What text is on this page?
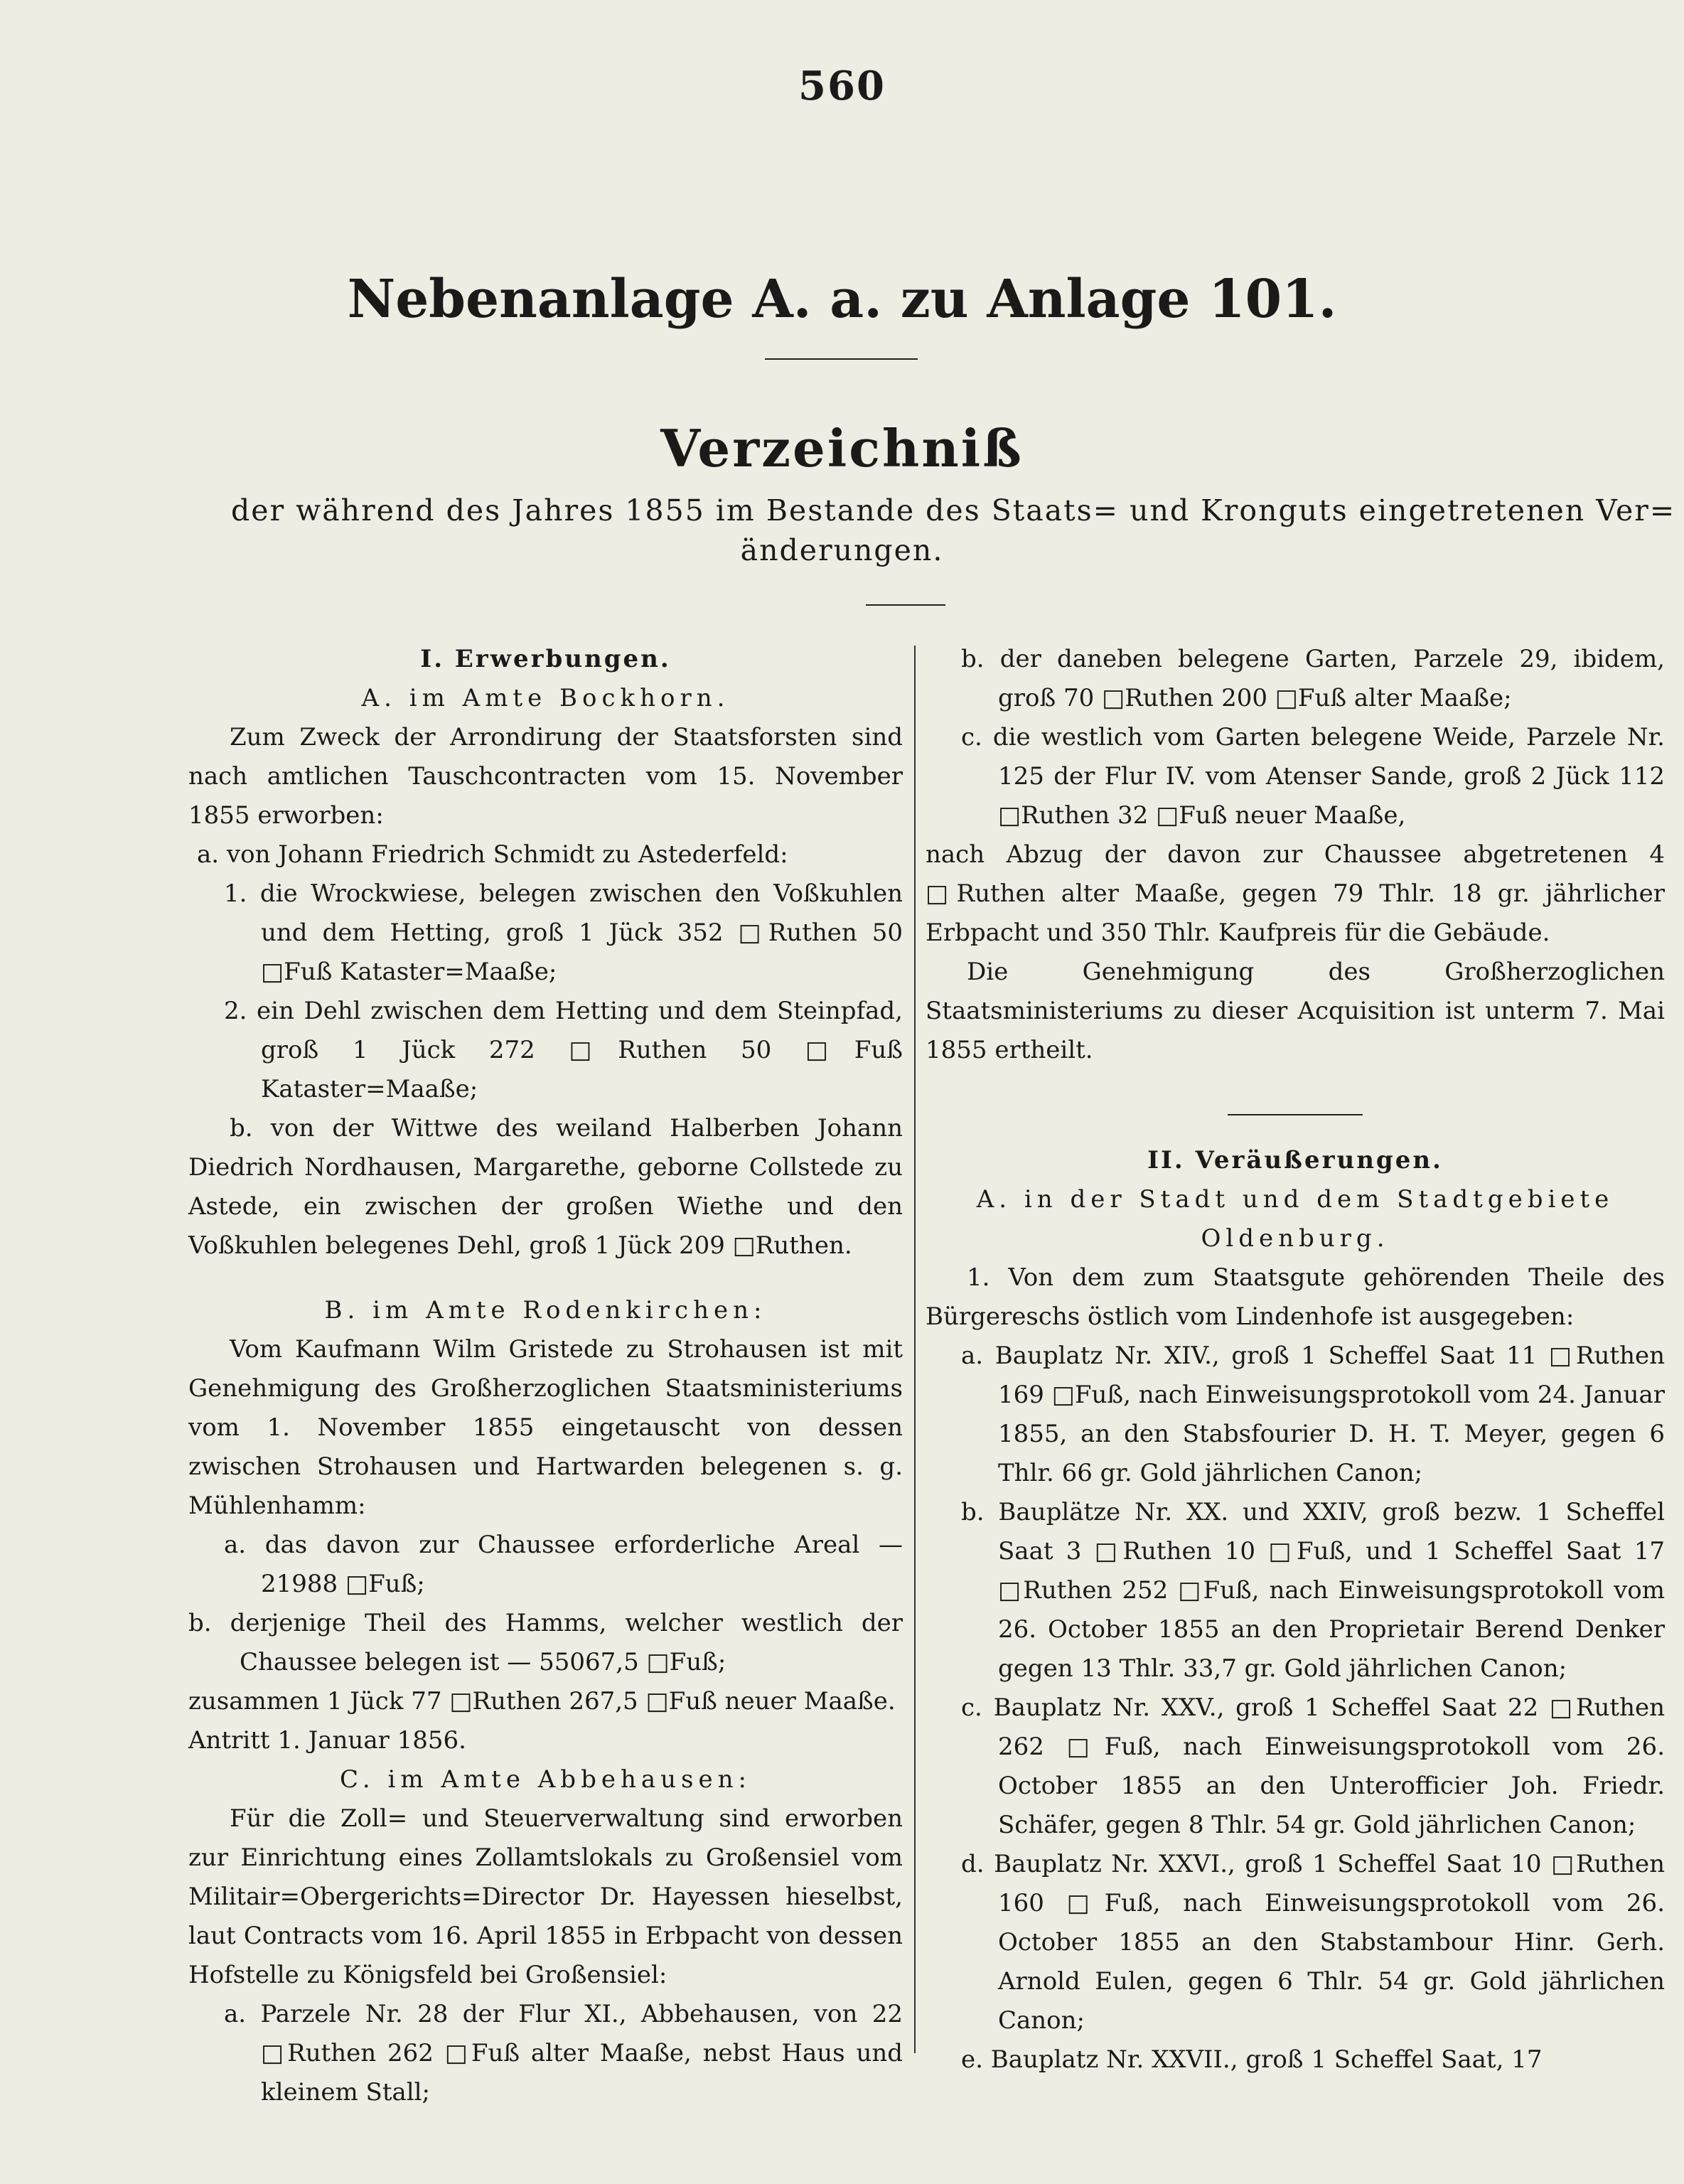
560
Nebenanlage A. a. zu Anlage 101.
Verzeichniß
der während des Jahres 1855 im Bestande des Staats= und Kronguts eingetretenen Ver=
änderungen.

I. Erwerbungen.

A. im Amte Bockhorn.

Zum Zweck der Arrondirung der Staatsforsten sind nach amtlichen Tauschcontracten vom 15. November 1855 erworben:

a. von Johann Friedrich Schmidt zu Astederfeld:

1. die Wrockwiese, belegen zwischen den Voßkuhlen und dem Hetting, groß 1 Jück 352 □Ruthen 50 □Fuß Kataster=Maaße;

2. ein Dehl zwischen dem Hetting und dem Steinpfad, groß 1 Jück 272 □Ruthen 50 □Fuß Kataster=Maaße;

b. von der Wittwe des weiland Halberben Johann Diedrich Nordhausen, Margarethe, geborne Collstede zu Astede, ein zwischen der großen Wiethe und den Voßkuhlen belegenes Dehl, groß 1 Jück 209 □Ruthen.

B. im Amte Rodenkirchen:

Vom Kaufmann Wilm Gristede zu Strohausen ist mit Genehmigung des Großherzoglichen Staatsministeriums vom 1. November 1855 eingetauscht von dessen zwischen Strohausen und Hartwarden belegenen s. g. Mühlenhamm:

a. das davon zur Chaussee erforderliche Areal — 21988 □Fuß;

b. derjenige Theil des Hamms, welcher westlich der Chaussee belegen ist — 55067,5 □Fuß;

zusammen 1 Jück 77 □Ruthen 267,5 □Fuß neuer Maaße.

Antritt 1. Januar 1856.

C. im Amte Abbehausen:

Für die Zoll= und Steuerverwaltung sind erworben zur Einrichtung eines Zollamtslokals zu Großensiel vom Militair=Obergerichts=Director Dr. Hayessen hieselbst, laut Contracts vom 16. April 1855 in Erbpacht von dessen Hofstelle zu Königsfeld bei Großensiel:

a. Parzele Nr. 28 der Flur XI., Abbehausen, von 22 □Ruthen 262 □Fuß alter Maaße, nebst Haus und kleinem Stall;

b. der daneben belegene Garten, Parzele 29, ibidem, groß 70 □Ruthen 200 □Fuß alter Maaße;

c. die westlich vom Garten belegene Weide, Parzele Nr. 125 der Flur IV. vom Atenser Sande, groß 2 Jück 112 □Ruthen 32 □Fuß neuer Maaße,

nach Abzug der davon zur Chaussee abgetretenen 4 □Ruthen alter Maaße, gegen 79 Thlr. 18 gr. jährlicher Erbpacht und 350 Thlr. Kaufpreis für die Gebäude.

Die Genehmigung des Großherzoglichen Staatsministeriums zu dieser Acquisition ist unterm 7. Mai 1855 ertheilt.

II. Veräußerungen.

A. in der Stadt und dem Stadtgebiete Oldenburg.

1. Von dem zum Staatsgute gehörenden Theile des Bürgereschs östlich vom Lindenhofe ist ausgegeben:

a. Bauplatz Nr. XIV., groß 1 Scheffel Saat 11 □Ruthen 169 □Fuß, nach Einweisungsprotokoll vom 24. Januar 1855, an den Stabsfourier D. H. T. Meyer, gegen 6 Thlr. 66 gr. Gold jährlichen Canon;

b. Bauplätze Nr. XX. und XXIV, groß bezw. 1 Scheffel Saat 3 □Ruthen 10 □Fuß, und 1 Scheffel Saat 17 □Ruthen 252 □Fuß, nach Einweisungsprotokoll vom 26. October 1855 an den Proprietair Berend Denker gegen 13 Thlr. 33,7 gr. Gold jährlichen Canon;

c. Bauplatz Nr. XXV., groß 1 Scheffel Saat 22 □Ruthen 262 □Fuß, nach Einweisungsprotokoll vom 26. October 1855 an den Unterofficier Joh. Friedr. Schäfer, gegen 8 Thlr. 54 gr. Gold jährlichen Canon;

d. Bauplatz Nr. XXVI., groß 1 Scheffel Saat 10 □Ruthen 160 □Fuß, nach Einweisungsprotokoll vom 26. October 1855 an den Stabstambour Hinr. Gerh. Arnold Eulen, gegen 6 Thlr. 54 gr. Gold jährlichen Canon;

e. Bauplatz Nr. XXVII., groß 1 Scheffel Saat, 17
